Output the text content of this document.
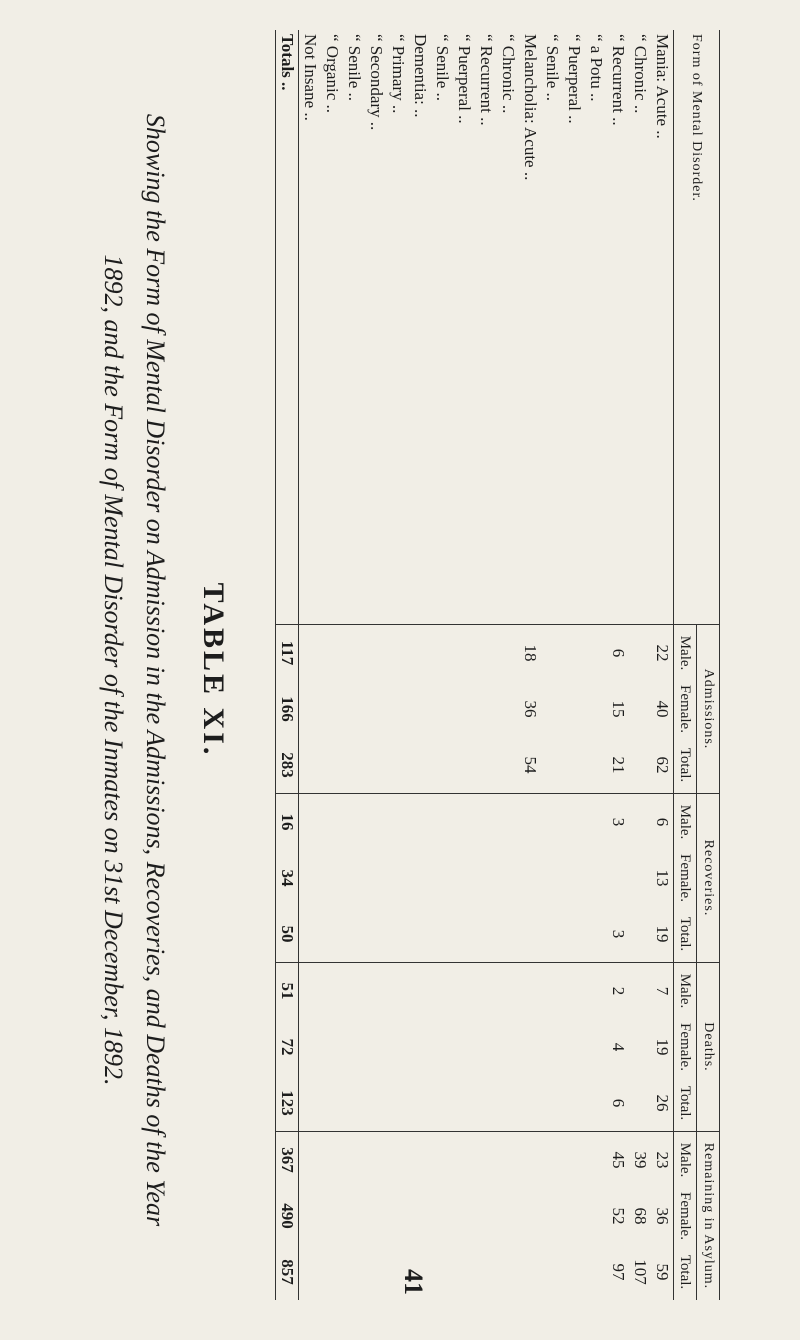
41
Form of Mental Disorder.	Admissions.			Recoveries.			Deaths.			Remaining in Asylum.		
	Male.	Female.	Total.	Male.	Female.	Total.	Male.	Female.	Total.	Male.	Female.	Total.
Mania: Acute ..	22	40	62	6	13	19	7	19	26	23	36	59
“ Chronic ..										39	68	107
“ Recurrent ..	6	15	21	3		3	2	4	6	45	52	97
“ a Potu ..												
“ Puerperal ..												
“ Senile ..												
Melancholia: Acute ..	18	36	54									
“ Chronic ..												
“ Recurrent ..												
“ Puerperal ..												
“ Senile ..												
Dementia: ..												
“ Primary ..												
“ Secondary ..												
“ Senile ..												
“ Organic ..												
Not Insane ..												
Totals ..	117	166	283	16	34	50	51	72	123	367	490	857
TABLE XI.
Showing the Form of Mental Disorder on Admission in the Admissions, Recoveries, and Deaths of the Year
1892, and the Form of Mental Disorder of the Inmates on 31st December, 1892.
